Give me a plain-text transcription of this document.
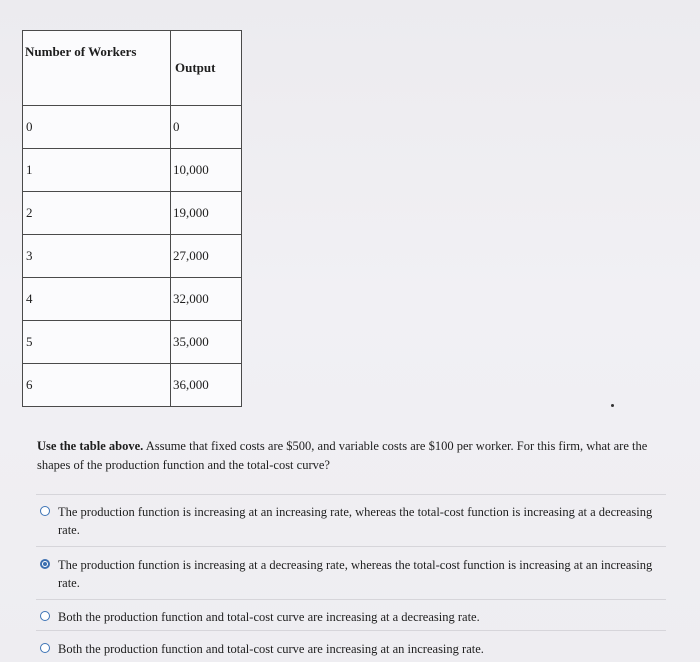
Number of Workers	Output
0	0
1	10,000
2	19,000
3	27,000
4	32,000
5	35,000
6	36,000
Use the table above. Assume that fixed costs are $500, and variable costs are $100 per worker. For this firm, what are the shapes of the production function and the total-cost curve?
The production function is increasing at an increasing rate, whereas the total-cost function is increasing at a decreasing rate.
The production function is increasing at a decreasing rate, whereas the total-cost function is increasing at an increasing rate.
Both the production function and total-cost curve are increasing at a decreasing rate.
Both the production function and total-cost curve are increasing at an increasing rate.
